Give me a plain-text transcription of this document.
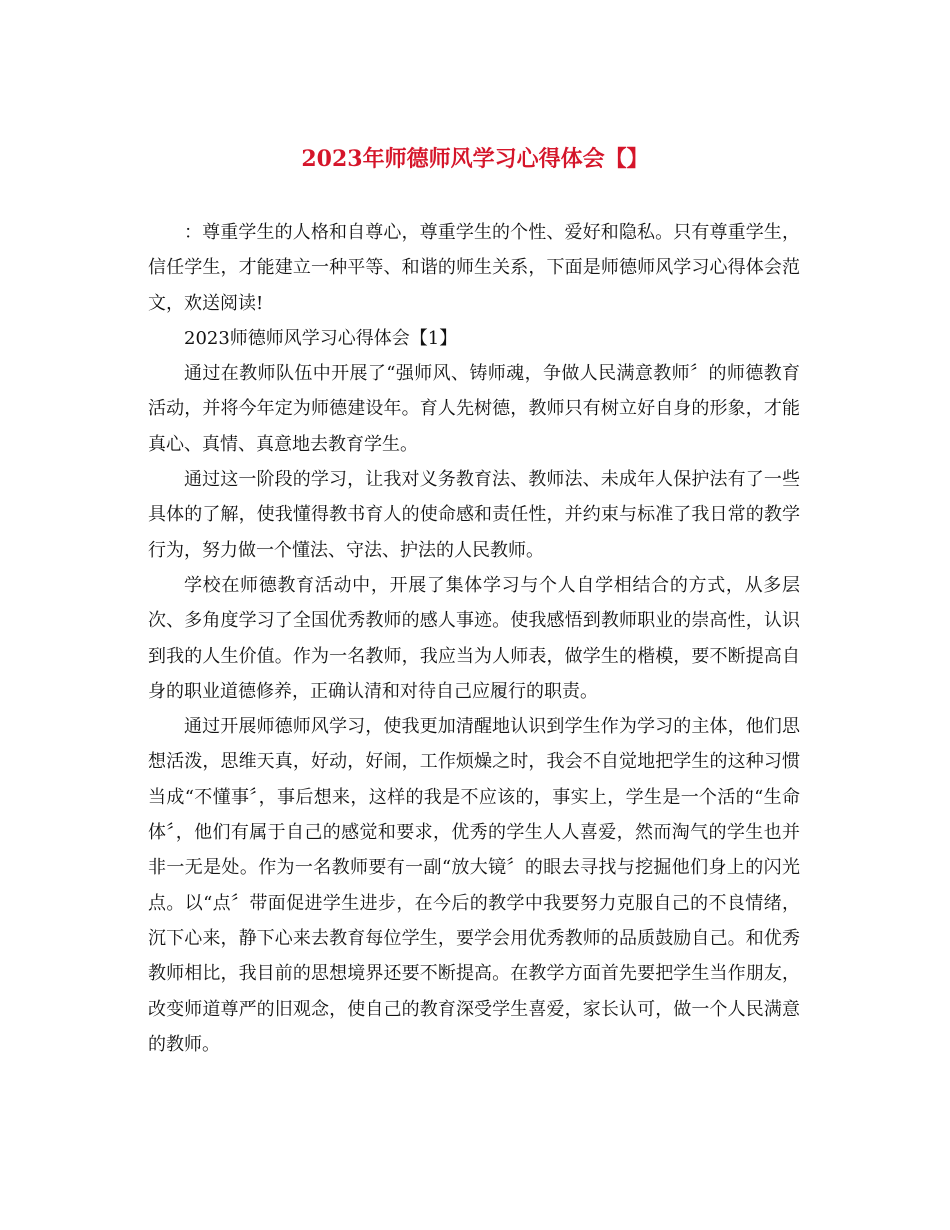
2023年师德师风学习心得体会【】

：尊重学生的人格和自尊心，尊重学生的个性、爱好和隐私。只有尊重学生，信任学生，才能建立一种平等、和谐的师生关系，下面是师德师风学习心得体会范文，欢送阅读!

2023师德师风学习心得体会【1】

通过在教师队伍中开展了“强师风、铸师魂，争做人民满意教师〞的师德教育活动，并将今年定为师德建设年。育人先树德，教师只有树立好自身的形象，才能真心、真情、真意地去教育学生。

通过这一阶段的学习，让我对义务教育法、教师法、未成年人保护法有了一些具体的了解，使我懂得教书育人的使命感和责任性，并约束与标准了我日常的教学行为，努力做一个懂法、守法、护法的人民教师。

学校在师德教育活动中，开展了集体学习与个人自学相结合的方式，从多层次、多角度学习了全国优秀教师的感人事迹。使我感悟到教师职业的崇高性，认识到我的人生价值。作为一名教师，我应当为人师表，做学生的楷模，要不断提高自身的职业道德修养，正确认清和对待自己应履行的职责。

通过开展师德师风学习，使我更加清醒地认识到学生作为学习的主体，他们思想活泼，思维天真，好动，好闹，工作烦燥之时，我会不自觉地把学生的这种习惯当成“不懂事〞，事后想来，这样的我是不应该的，事实上，学生是一个活的“生命体〞，他们有属于自己的感觉和要求，优秀的学生人人喜爱，然而淘气的学生也并非一无是处。作为一名教师要有一副“放大镜〞的眼去寻找与挖掘他们身上的闪光点。以“点〞带面促进学生进步，在今后的教学中我要努力克服自己的不良情绪，沉下心来，静下心来去教育每位学生，要学会用优秀教师的品质鼓励自己。和优秀教师相比，我目前的思想境界还要不断提高。在教学方面首先要把学生当作朋友，改变师道尊严的旧观念，使自己的教育深受学生喜爱，家长认可，做一个人民满意的教师。
